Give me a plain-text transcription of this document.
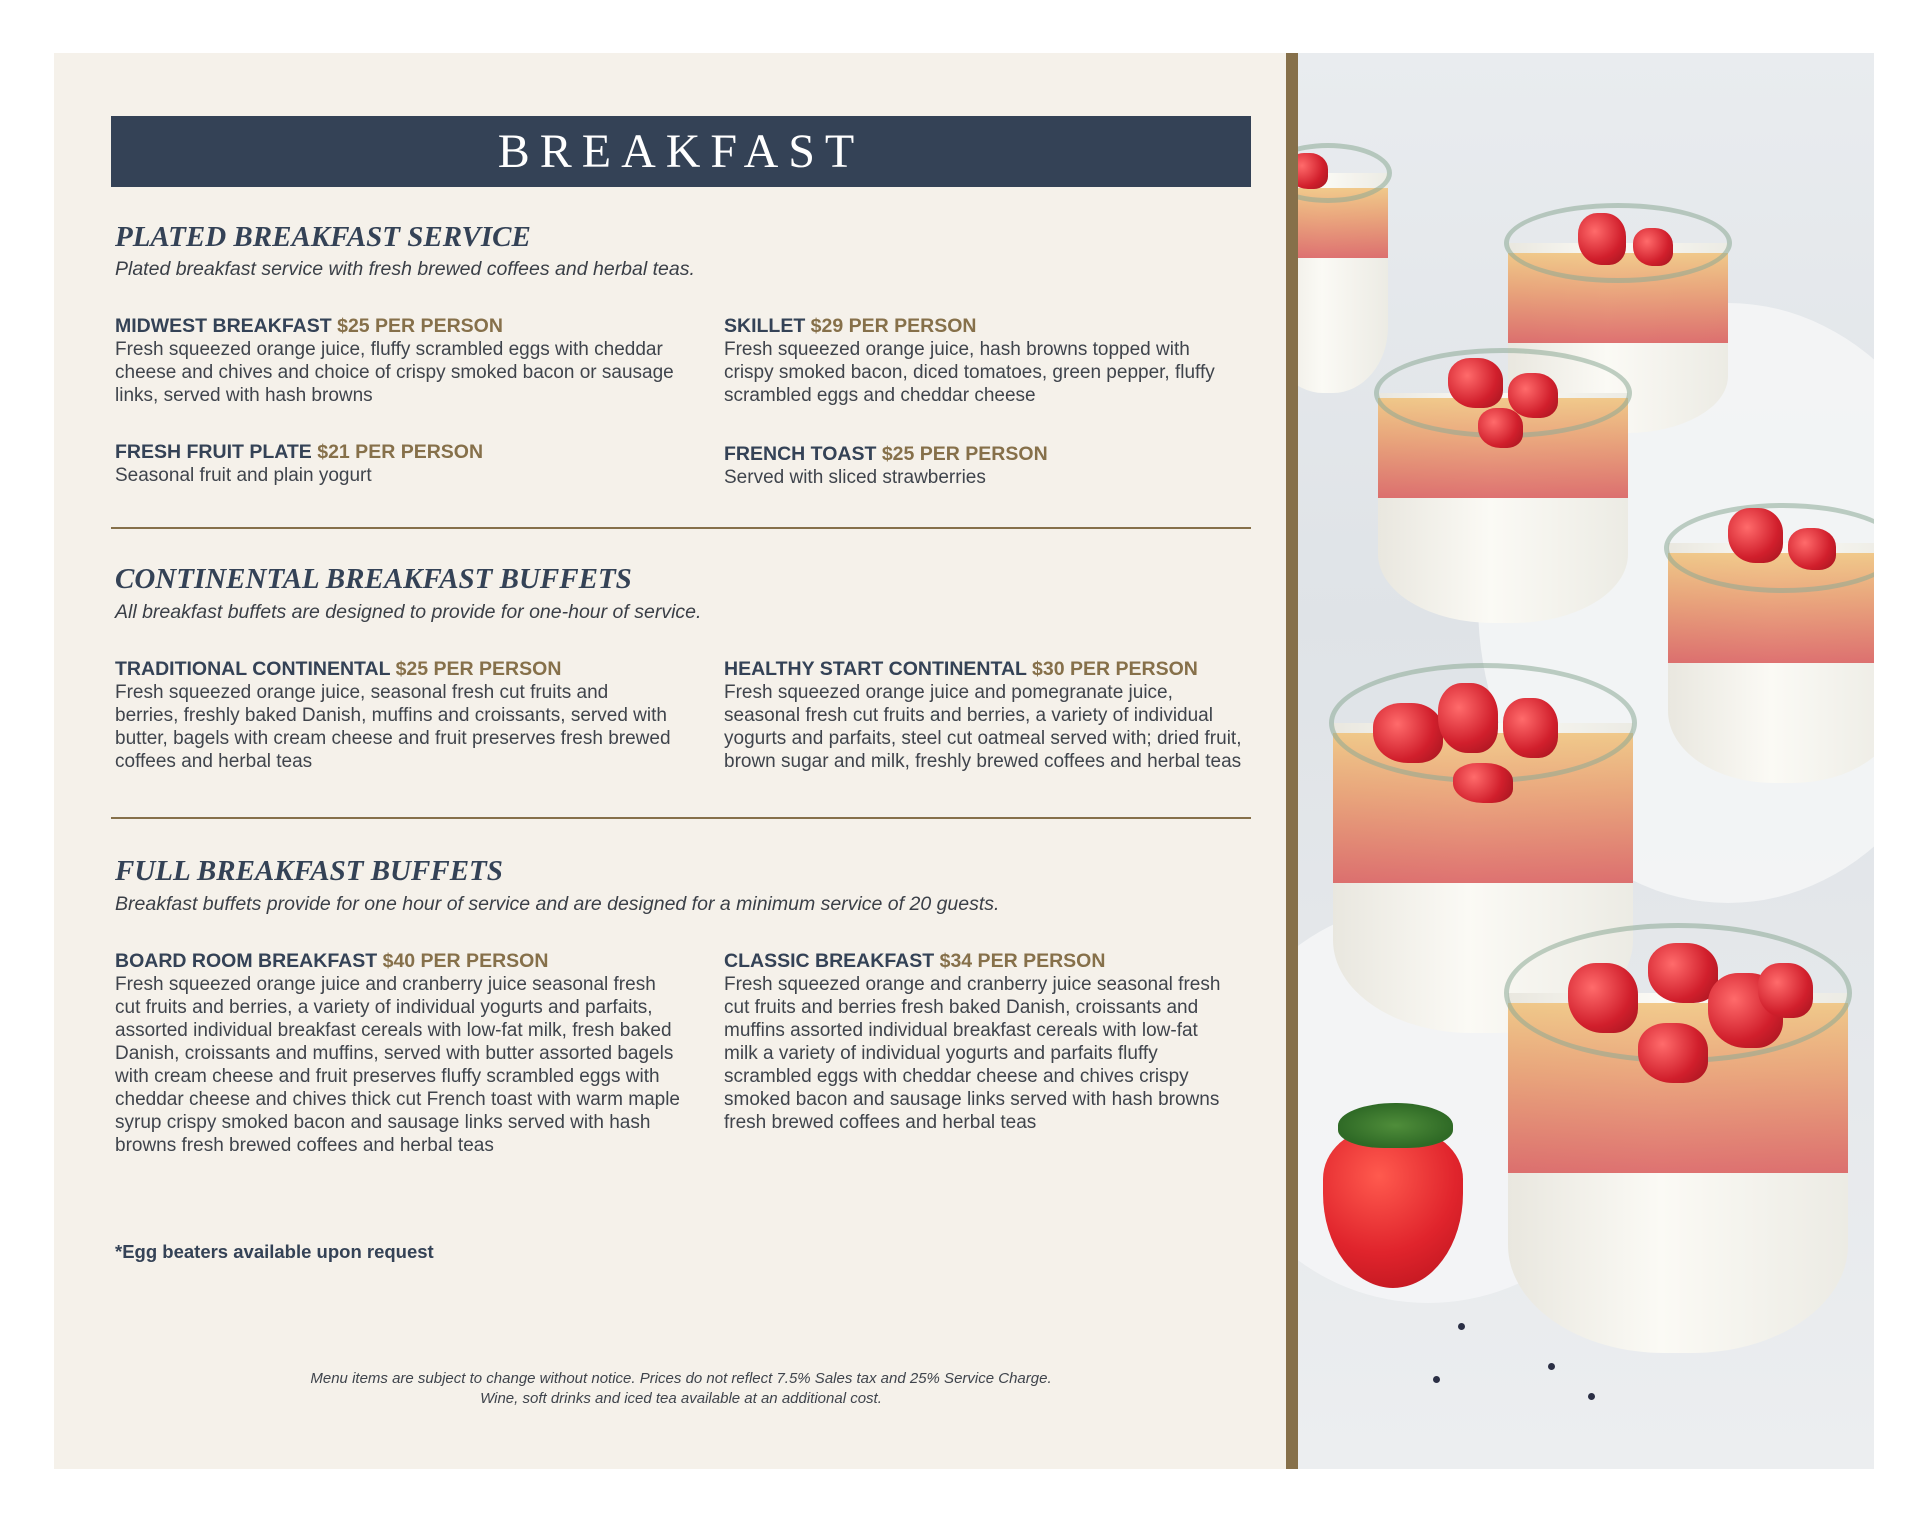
BREAKFAST
PLATED BREAKFAST SERVICE
Plated breakfast service with fresh brewed coffees and herbal teas.
MIDWEST BREAKFAST $25 PER PERSON
Fresh squeezed orange juice, fluffy scrambled eggs with cheddar cheese and chives and choice of crispy smoked bacon or sausage links, served with hash browns
SKILLET $29 PER PERSON
Fresh squeezed orange juice, hash browns topped with crispy smoked bacon, diced tomatoes, green pepper, fluffy scrambled eggs and cheddar cheese
FRESH FRUIT PLATE $21 PER PERSON
Seasonal fruit and plain yogurt
FRENCH TOAST $25 PER PERSON
Served with sliced strawberries
CONTINENTAL BREAKFAST BUFFETS
All breakfast buffets are designed to provide for one-hour of service.
TRADITIONAL CONTINENTAL $25 PER PERSON
Fresh squeezed orange juice, seasonal fresh cut fruits and berries, freshly baked Danish, muffins and croissants, served with butter, bagels with cream cheese and fruit preserves fresh brewed coffees and herbal teas
HEALTHY START CONTINENTAL $30 PER PERSON
Fresh squeezed orange juice and pomegranate juice, seasonal fresh cut fruits and berries, a variety of individual yogurts and parfaits, steel cut oatmeal served with; dried fruit, brown sugar and milk, freshly brewed coffees and herbal teas
FULL BREAKFAST BUFFETS
Breakfast buffets provide for one hour of service and are designed for a minimum service of 20 guests.
BOARD ROOM BREAKFAST $40 PER PERSON
Fresh squeezed orange juice and cranberry juice seasonal fresh cut fruits and berries, a variety of individual yogurts and parfaits, assorted individual breakfast cereals with low-fat milk, fresh baked Danish, croissants and muffins, served with butter assorted bagels with cream cheese and fruit preserves fluffy scrambled eggs with cheddar cheese and chives thick cut French toast with warm maple syrup crispy smoked bacon and sausage links served with hash browns fresh brewed coffees and herbal teas
CLASSIC BREAKFAST $34 PER PERSON
Fresh squeezed orange and cranberry juice seasonal fresh cut fruits and berries fresh baked Danish, croissants and muffins assorted individual breakfast cereals with low-fat milk a variety of individual yogurts and parfaits fluffy scrambled eggs with cheddar cheese and chives crispy smoked bacon and sausage links served with hash browns fresh brewed coffees and herbal teas
*Egg beaters available upon request
Menu items are subject to change without notice. Prices do not reflect 7.5% Sales tax and 25% Service Charge.
Wine, soft drinks and iced tea available at an additional cost.
